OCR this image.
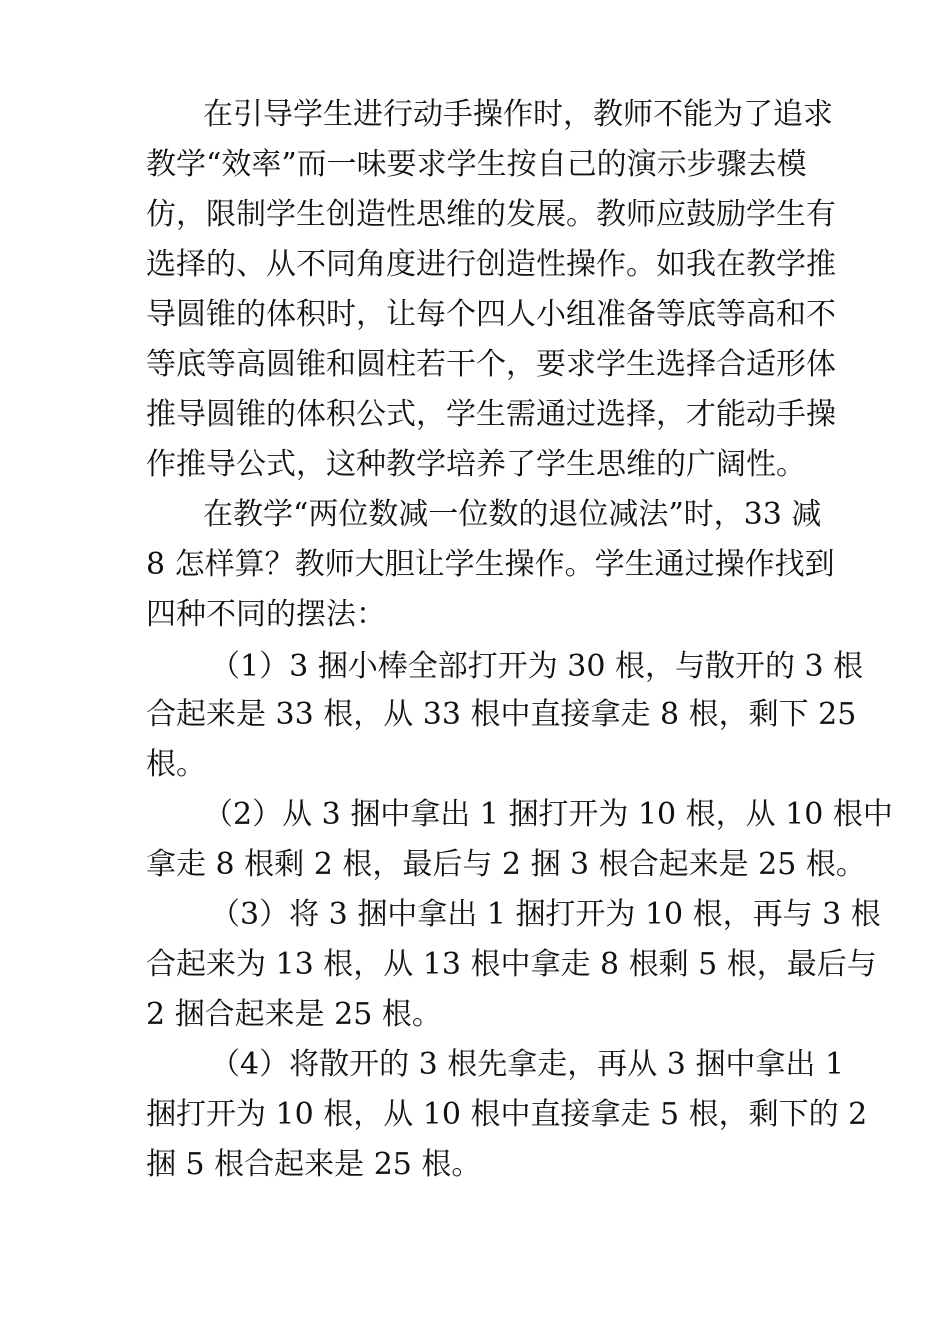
在引导学生进行动手操作时，教师不能为了追求

教学“效率”而一味要求学生按自己的演示步骤去模

仿，限制学生创造性思维的发展。教师应鼓励学生有

选择的、从不同角度进行创造性操作。如我在教学推

导圆锥的体积时，让每个四人小组准备等底等高和不

等底等高圆锥和圆柱若干个，要求学生选择合适形体

推导圆锥的体积公式，学生需通过选择，才能动手操

作推导公式，这种教学培养了学生思维的广阔性。

在教学“两位数减一位数的退位减法”时，33 减

8 怎样算？教师大胆让学生操作。学生通过操作找到

四种不同的摆法：

（1）3 捆小棒全部打开为 30 根，与散开的 3 根

合起来是 33 根，从 33 根中直接拿走 8 根，剩下 25

根。

（2）从 3 捆中拿出 1 捆打开为 10 根，从 10 根中

拿走 8 根剩 2 根，最后与 2 捆 3 根合起来是 25 根。

（3）将 3 捆中拿出 1 捆打开为 10 根，再与 3 根

合起来为 13 根，从 13 根中拿走 8 根剩 5 根，最后与

2 捆合起来是 25 根。

（4）将散开的 3 根先拿走，再从 3 捆中拿出 1

捆打开为 10 根，从 10 根中直接拿走 5 根，剩下的 2

捆 5 根合起来是 25 根。
